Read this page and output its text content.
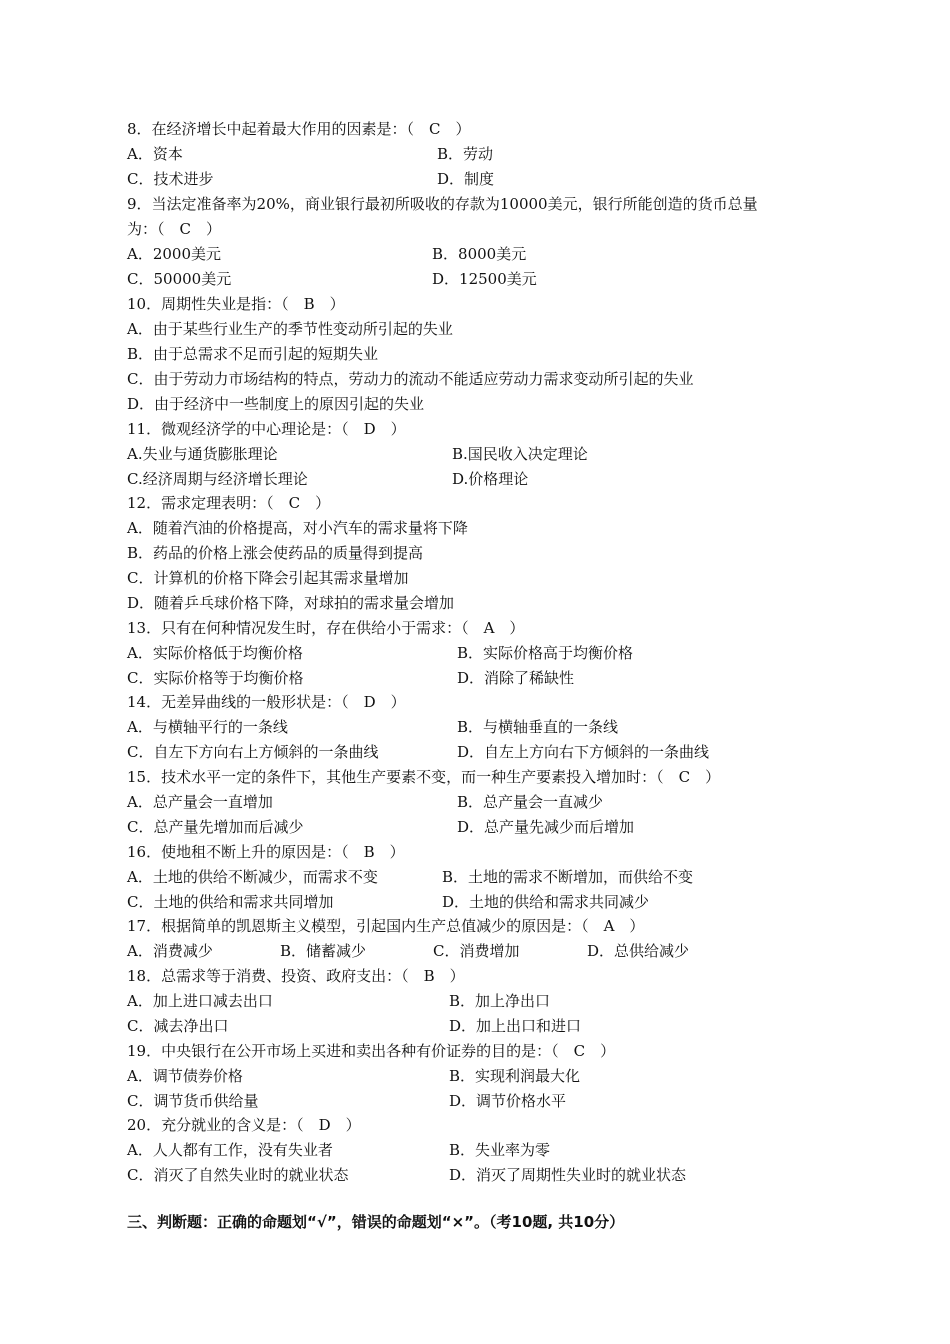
8．在经济增长中起着最大作用的因素是：（　C　）
A．资本	B．劳动
C．技术进步	D．制度
9．当法定准备率为20%，商业银行最初所吸收的存款为10000美元，银行所能创造的货币总量
为：（　C　）
A．2000美元	B．8000美元
C．50000美元	D．12500美元
10．周期性失业是指：（　B　）
A．由于某些行业生产的季节性变动所引起的失业
B．由于总需求不足而引起的短期失业
C．由于劳动力市场结构的特点，劳动力的流动不能适应劳动力需求变动所引起的失业
D．由于经济中一些制度上的原因引起的失业
11．微观经济学的中心理论是：（　D　）
A.失业与通货膨胀理论	B.国民收入决定理论
C.经济周期与经济增长理论	D.价格理论
12．需求定理表明：（　C　）
A．随着汽油的价格提高，对小汽车的需求量将下降
B．药品的价格上涨会使药品的质量得到提高
C．计算机的价格下降会引起其需求量增加
D．随着乒乓球价格下降，对球拍的需求量会增加
13．只有在何种情况发生时，存在供给小于需求：（　A　）
A．实际价格低于均衡价格	B．实际价格高于均衡价格
C．实际价格等于均衡价格	D．消除了稀缺性
14．无差异曲线的一般形状是：（　D　）
A．与横轴平行的一条线	B．与横轴垂直的一条线
C．自左下方向右上方倾斜的一条曲线	D．自左上方向右下方倾斜的一条曲线
15．技术水平一定的条件下，其他生产要素不变，而一种生产要素投入增加时：（　C　）
A．总产量会一直增加	B．总产量会一直减少
C．总产量先增加而后减少	D．总产量先减少而后增加
16．使地租不断上升的原因是：（　B　）
A．土地的供给不断减少，而需求不变	B．土地的需求不断增加，而供给不变
C．土地的供给和需求共同增加	D．土地的供给和需求共同减少
17．根据简单的凯恩斯主义模型，引起国内生产总值减少的原因是：（　A　）
A．消费减少	B．储蓄减少	C．消费增加	D．总供给减少
18．总需求等于消费、投资、政府支出：（　B　）
A．加上进口减去出口	B．加上净出口
C．减去净出口	D．加上出口和进口
19．中央银行在公开市场上买进和卖出各种有价证券的目的是：（　C　）
A．调节债券价格	B．实现利润最大化
C．调节货币供给量	D．调节价格水平
20．充分就业的含义是：（　D　）
A．人人都有工作，没有失业者	B．失业率为零
C．消灭了自然失业时的就业状态	D．消灭了周期性失业时的就业状态
三、判断题：正确的命题划“√”，错误的命题划“×”。（考10题, 共10分）
